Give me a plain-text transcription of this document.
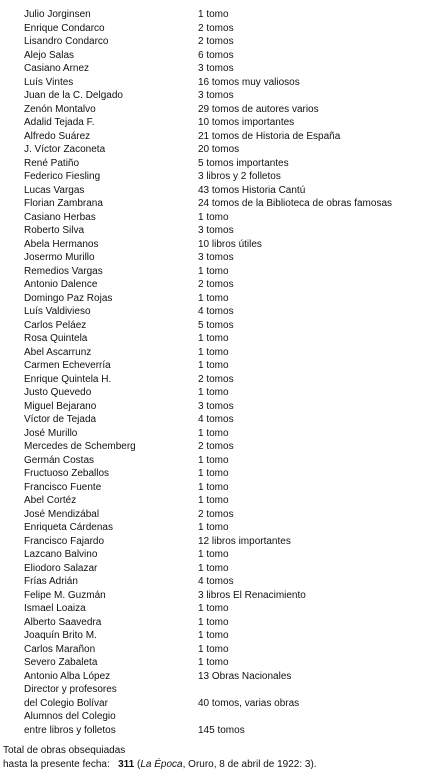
Julio Jorginsen	1 tomo
Enrique Condarco	2 tomos
Lisandro Condarco	2 tomos
Alejo Salas	6 tomos
Casiano Arnez	3 tomos
Luís Vintes	16 tomos muy valiosos
Juan de la C. Delgado	3 tomos
Zenón Montalvo	29 tomos de autores varios
Adalid Tejada F.	10 tomos importantes
Alfredo Suárez	21 tomos de Historia de España
J. Víctor Zaconeta	20 tomos
René Patiño	5 tomos importantes
Federico Fiesling	3 libros y 2 folletos
Lucas Vargas	43 tomos Historia Cantú
Florian Zambrana	24 tomos de la Biblioteca de obras famosas
Casiano Herbas	1 tomo
Roberto Silva	3 tomos
Abela Hermanos	10 libros útiles
Josermo Murillo	3 tomos
Remedios Vargas	1 tomo
Antonio Dalence	2 tomos
Domingo Paz Rojas	1 tomo
Luís Valdivieso	4 tomos
Carlos Peláez	5 tomos
Rosa Quintela	1 tomo
Abel Ascarrunz	1 tomo
Carmen Echeverría	1 tomo
Enrique Quintela H.	2 tomos
Justo Quevedo	1 tomo
Miguel Bejarano	3 tomos
Víctor de Tejada	4 tomos
José Murillo	1 tomo
Mercedes de Schemberg	2 tomos
Germán Costas	1 tomo
Fructuoso Zeballos	1 tomo
Francisco Fuente	1 tomo
Abel Cortéz	1 tomo
José Mendizábal	2 tomos
Enriqueta Cárdenas	1 tomo
Francisco Fajardo	12 libros importantes
Lazcano Balvino	1 tomo
Eliodoro Salazar	1 tomo
Frías Adrián	4 tomos
Felipe M. Guzmán	3 libros El Renacimiento
Ismael Loaiza	1 tomo
Alberto Saavedra	1 tomo
Joaquín Brito M.	1 tomo
Carlos Marañon	1 tomo
Severo Zabaleta	1 tomo
Antonio Alba López	13 Obras Nacionales
Director y profesores
del Colegio Bolívar	40 tomos, varias obras
Alumnos del Colegio
entre libros y folletos	145 tomos
Total de obras obsequiadas
hasta la presente fecha: 311 (La Época, Oruro, 8 de abril de 1922: 3).
